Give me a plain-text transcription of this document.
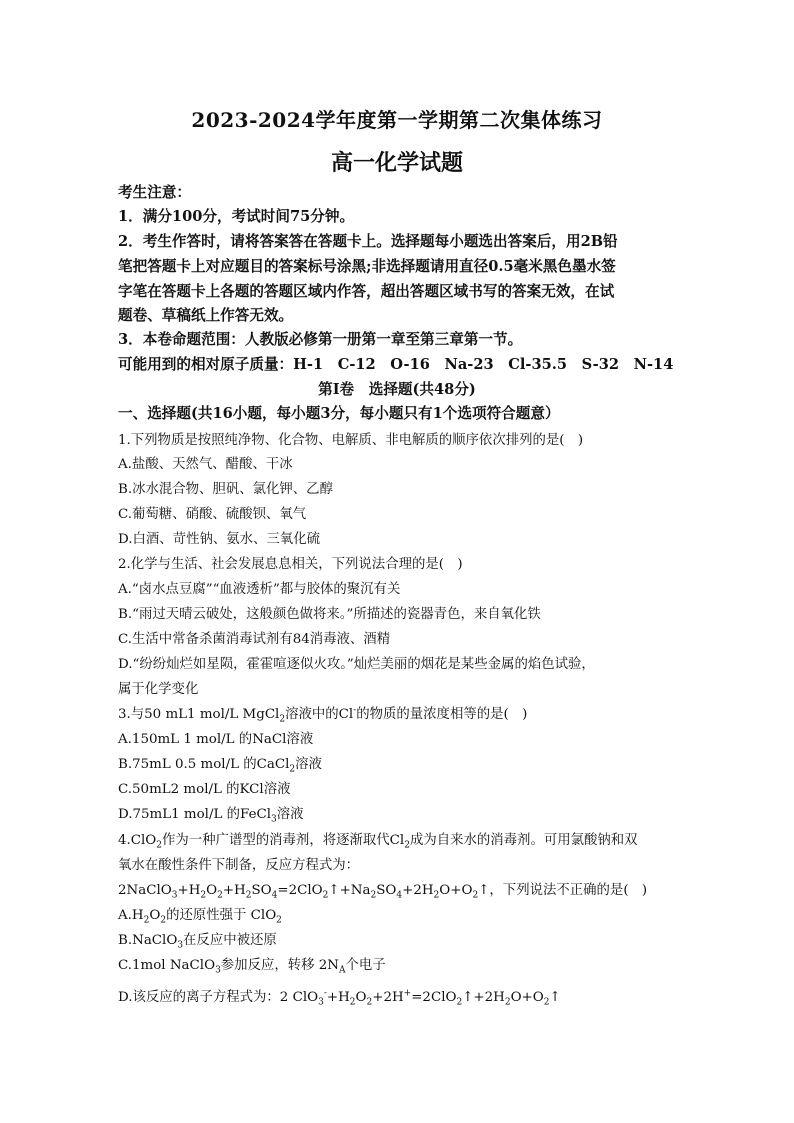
2023-2024学年度第一学期第二次集体练习
高一化学试题
考生注意：
1．满分100分，考试时间75分钟。
2．考生作答时，请将答案答在答题卡上。选择题每小题选出答案后，用2B铅
笔把答题卡上对应题目的答案标号涂黑;非选择题请用直径0.5毫米黑色墨水签
字笔在答题卡上各题的答题区域内作答，超出答题区域书写的答案无效，在试
题卷、草稿纸上作答无效。
3．本卷命题范围：人教版必修第一册第一章至第三章第一节。
可能用到的相对原子质量：H-1　C-12　O-16　Na-23　Cl-35.5　S-32　N-14
第Ⅰ卷　选择题(共48分)
一、选择题(共16小题，每小题3分，每小题只有1个选项符合题意）
1.下列物质是按照纯净物、化合物、电解质、非电解质的顺序依次排列的是(　)
A.盐酸、天然气、醋酸、干冰
B.冰水混合物、胆矾、氯化钾、乙醇
C.葡萄糖、硝酸、硫酸钡、氧气
D.白酒、苛性钠、氨水、三氧化硫
2.化学与生活、社会发展息息相关，下列说法合理的是(　)
A.“卤水点豆腐”“血液透析”都与胶体的聚沉有关
B.“雨过天晴云破处，这般颜色做将来。”所描述的瓷器青色，来自氧化铁
C.生活中常备杀菌消毒试剂有84消毒液、酒精
D.“纷纷灿烂如星陨，霍霍喧逐似火攻。”灿烂美丽的烟花是某些金属的焰色试验，
属于化学变化
3.与50 mL1 mol/L MgCl$_2$溶液中的Cl-的物质的量浓度相等的是(　)
A.150mL 1 mol/L 的NaCl溶液
B.75mL 0.5 mol/L 的CaCl$_2$溶液
C.50mL2 mol/L 的KCl溶液
D.75mL1 mol/L 的FeCl$_3$溶液
4.ClO$_2$作为一种广谱型的消毒剂，将逐渐取代$Cl_2$成为自来水的消毒剂。可用氯酸钠和双
氧水在酸性条件下制备，反应方程式为：
$2NaClO_3+H_2O_2+H_2SO_4=2ClO_2↑+Na_2SO_4+2H_2O+O_2↑$，下列说法不正确的是(　)
$A.H_2O_2$的还原性强于 ClO$_2$
B.NaClO$_3$在反应中被还原
C.1mol NaClO$_3$参加反应，转移 $2N_A$个电子
D.该反应的离子方程式为：2 $ClO_3^-+H_2O_2+2H^+=2ClO_2↑+2H_2O+O_2↑$
